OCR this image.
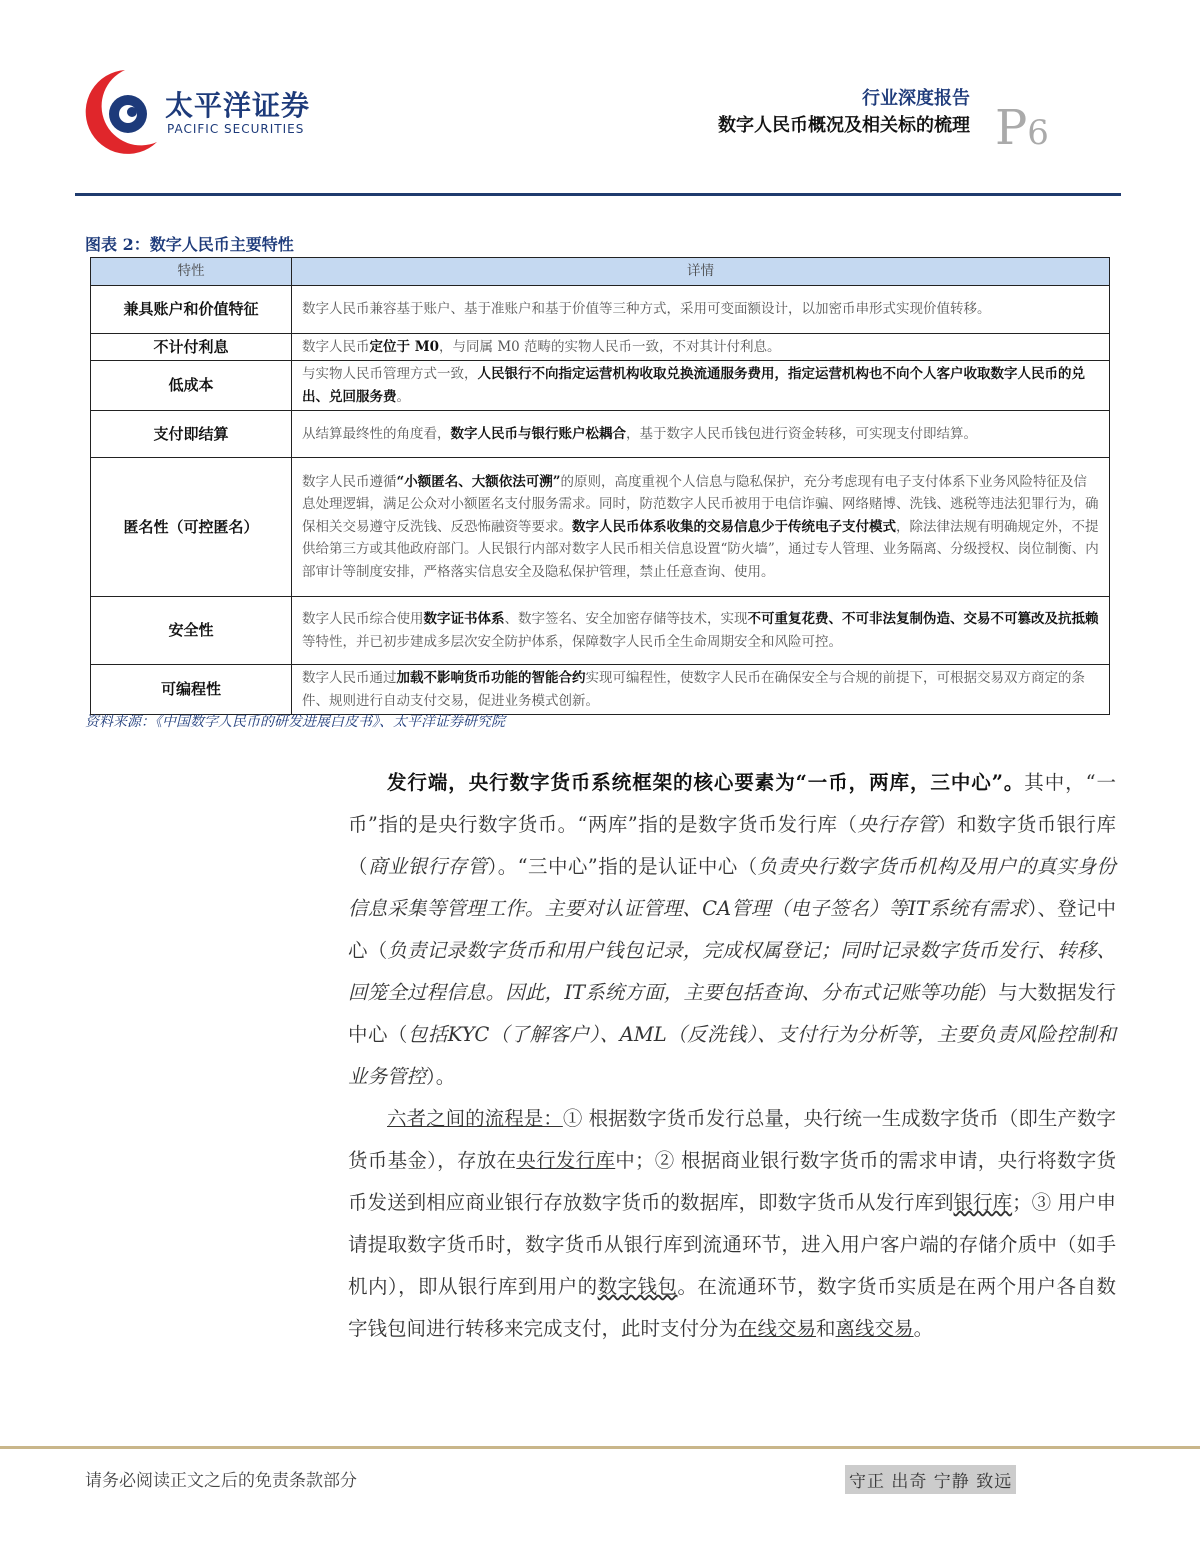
太平洋证券
PACIFIC SECURITIES
行业深度报告
数字人民币概况及相关标的梳理 P6
图表 2：数字人民币主要特性
特性	详情
兼具账户和价值特征	数字人民币兼容基于账户、基于准账户和基于价值等三种方式，采用可变面额设计，以加密币串形式实现价值转移。
不计付利息	数字人民币定位于 M0，与同属 M0 范畴的实物人民币一致，不对其计付利息。
低成本	与实物人民币管理方式一致，人民银行不向指定运营机构收取兑换流通服务费用，指定运营机构也不向个人客户收取数字人民币的兑出、兑回服务费。
支付即结算	从结算最终性的角度看，数字人民币与银行账户松耦合，基于数字人民币钱包进行资金转移，可实现支付即结算。
匿名性（可控匿名）	数字人民币遵循“小额匿名、大额依法可溯”的原则，高度重视个人信息与隐私保护，充分考虑现有电子支付体系下业务风险特征及信息处理逻辑，满足公众对小额匿名支付服务需求。同时，防范数字人民币被用于电信诈骗、网络赌博、洗钱、逃税等违法犯罪行为，确保相关交易遵守反洗钱、反恐怖融资等要求。数字人民币体系收集的交易信息少于传统电子支付模式，除法律法规有明确规定外，不提供给第三方或其他政府部门。人民银行内部对数字人民币相关信息设置“防火墙”，通过专人管理、业务隔离、分级授权、岗位制衡、内部审计等制度安排，严格落实信息安全及隐私保护管理，禁止任意查询、使用。
安全性	数字人民币综合使用数字证书体系、数字签名、安全加密存储等技术，实现不可重复花费、不可非法复制伪造、交易不可篡改及抗抵赖等特性，并已初步建成多层次安全防护体系，保障数字人民币全生命周期安全和风险可控。
可编程性	数字人民币通过加载不影响货币功能的智能合约实现可编程性，使数字人民币在确保安全与合规的前提下，可根据交易双方商定的条件、规则进行自动支付交易，促进业务模式创新。
资料来源：《中国数字人民币的研发进展白皮书》、太平洋证券研究院

发行端，央行数字货币系统框架的核心要素为“一币，两库，三中心”。其中，“一币”指的是央行数字货币。“两库”指的是数字货币发行库（央行存管）和数字货币银行库（商业银行存管）。“三中心”指的是认证中心（负责央行数字货币机构及用户的真实身份信息采集等管理工作。主要对认证管理、CA管理（电子签名）等IT系统有需求）、登记中心（负责记录数字货币和用户钱包记录，完成权属登记；同时记录数字货币发行、转移、回笼全过程信息。因此，IT系统方面，主要包括查询、分布式记账等功能）与大数据发行中心（包括KYC（了解客户）、AML（反洗钱）、支付行为分析等，主要负责风险控制和业务管控）。

六者之间的流程是：① 根据数字货币发行总量，央行统一生成数字货币（即生产数字货币基金），存放在央行发行库中；② 根据商业银行数字货币的需求申请，央行将数字货币发送到相应商业银行存放数字货币的数据库，即数字货币从发行库到银行库；③ 用户申请提取数字货币时，数字货币从银行库到流通环节，进入用户客户端的存储介质中（如手机内），即从银行库到用户的数字钱包。在流通环节，数字货币实质是在两个用户各自数字钱包间进行转移来完成支付，此时支付分为在线交易和离线交易。

请务必阅读正文之后的免责条款部分	守正 出奇 宁静 致远
